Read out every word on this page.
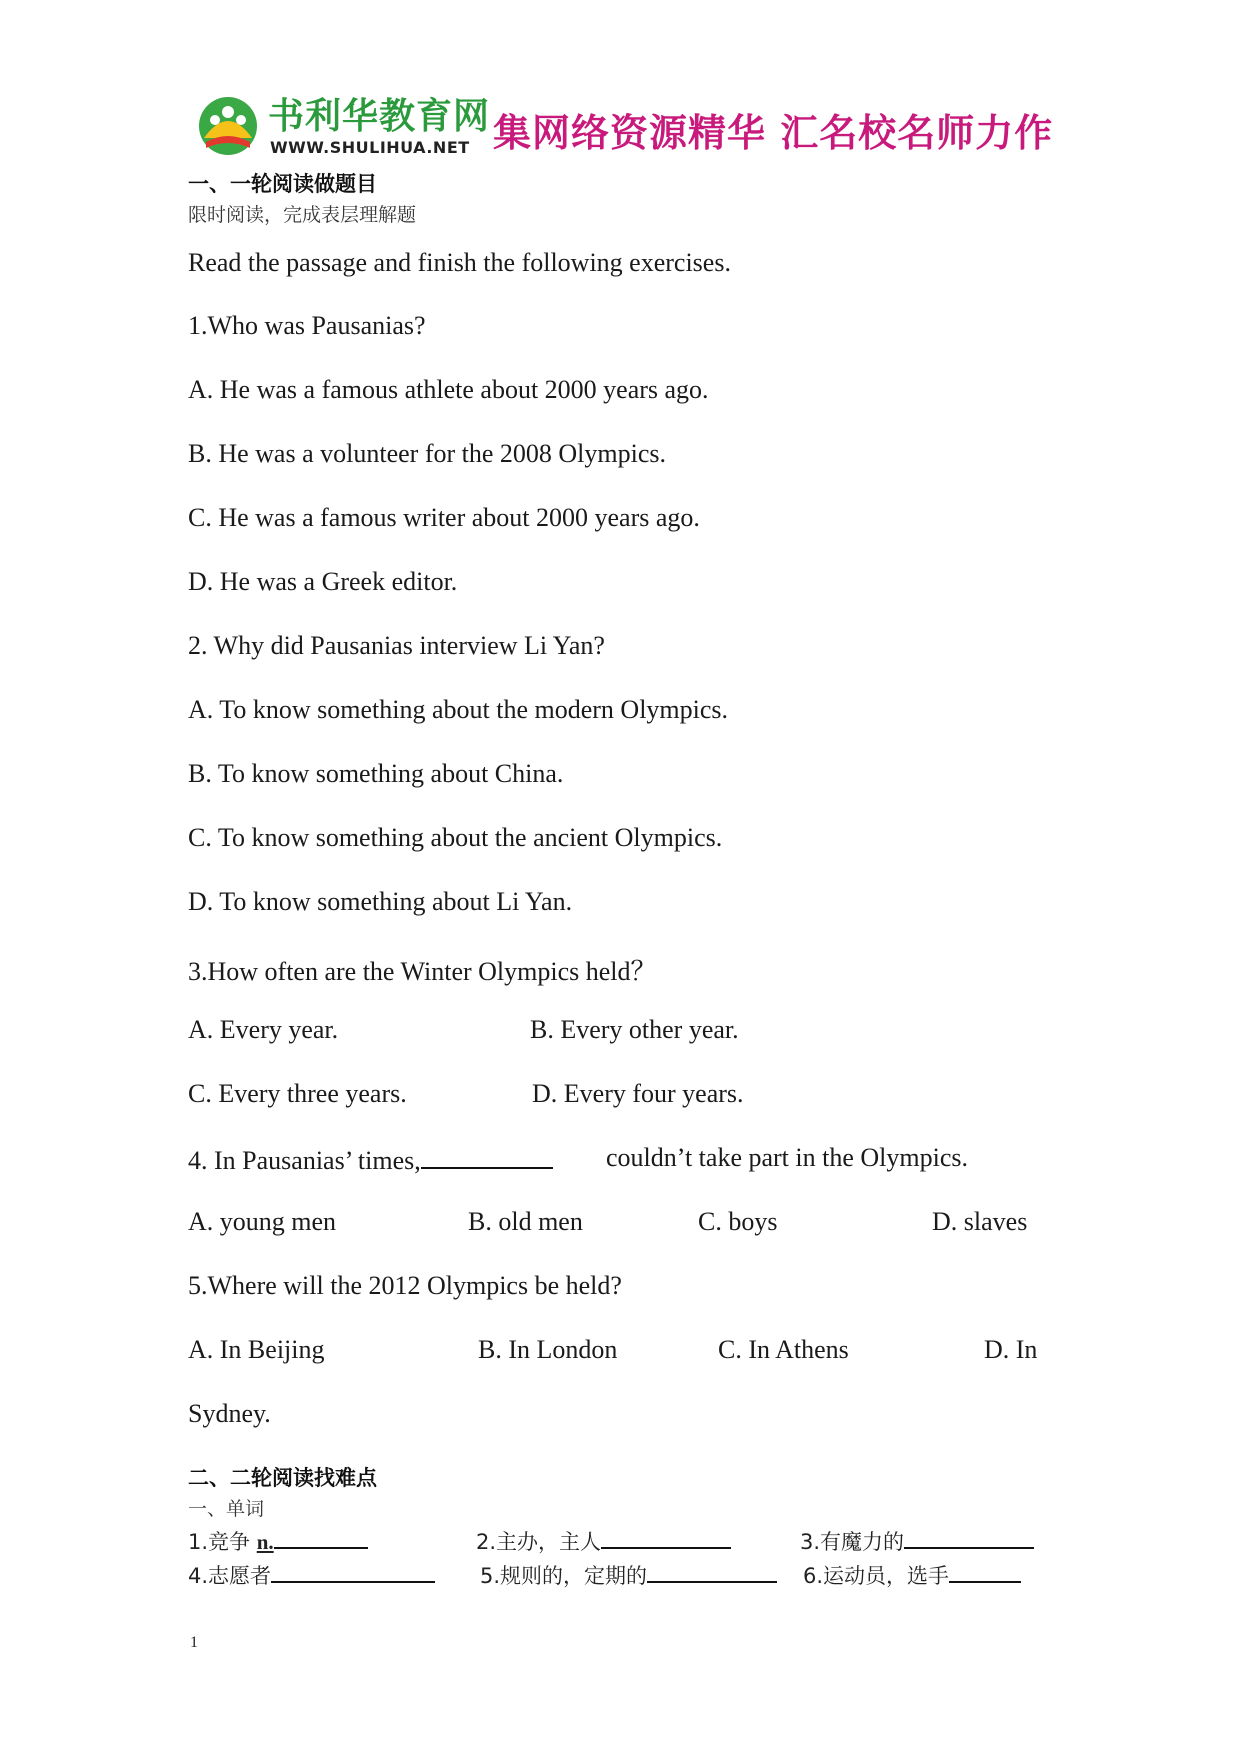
书利华教育网
WWW.SHULIHUA.NET 集网络资源精华 汇名校名师力作
一、一轮阅读做题目
限时阅读，完成表层理解题
Read the passage and finish the following exercises.
1.Who was Pausanias?
A. He was a famous athlete about 2000 years ago.
B. He was a volunteer for the 2008 Olympics.
C. He was a famous writer about 2000 years ago.
D. He was a Greek editor.
2. Why did Pausanias interview Li Yan?
A. To know something about the modern Olympics.
B. To know something about China.
C. To know something about the ancient Olympics.
D. To know something about Li Yan.
3.How often are the Winter Olympics held？
A. Every year.	B. Every other year.
C. Every three years.	D. Every four years.
4. In Pausanias’ times,	couldn’t take part in the Olympics.
A. young men	B. old men	C. boys	D. slaves
5.Where will the 2012 Olympics be held?
A. In Beijing	B. In London	C. In Athens	D. In
Sydney.
二、二轮阅读找难点
一、单词
1.竞争 n.	2.主办，主人	3.有魔力的
4.志愿者	5.规则的，定期的	6.运动员，选手
1
